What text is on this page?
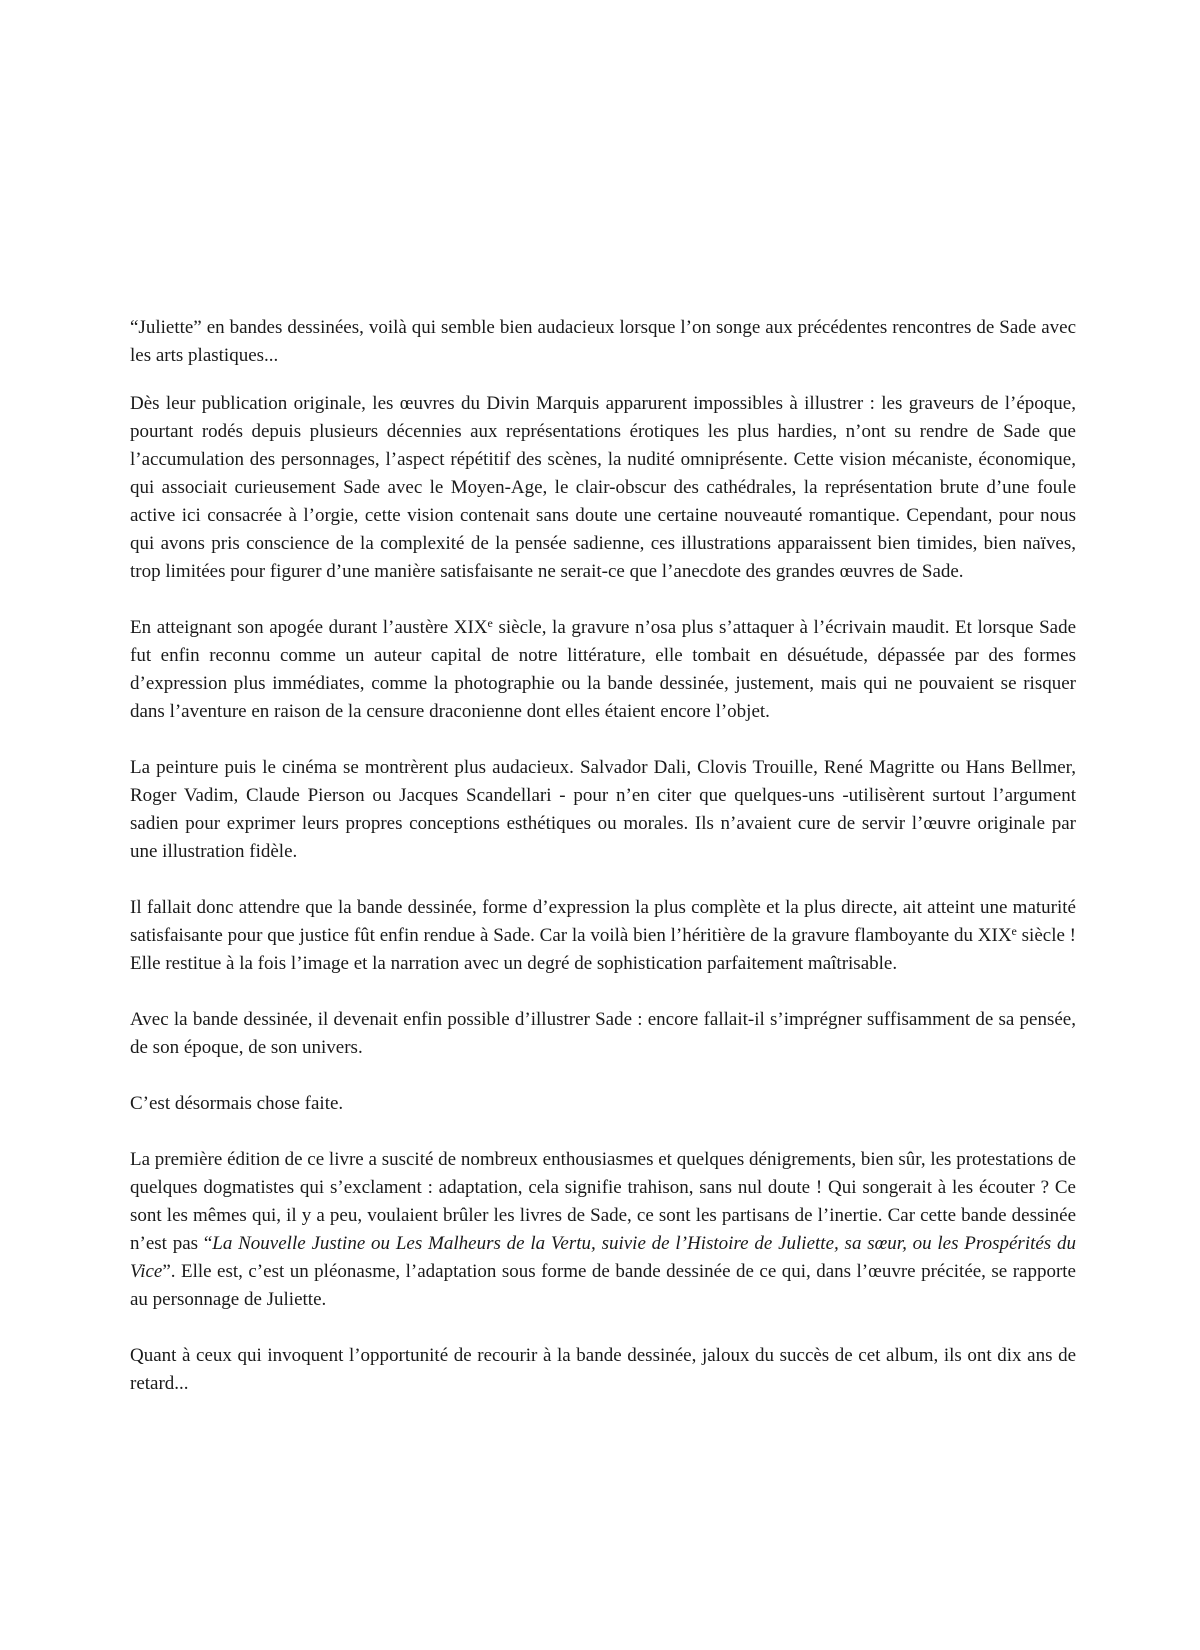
“Juliette” en bandes dessinées, voilà qui semble bien audacieux lorsque l’on songe aux précédentes rencontres de Sade avec les arts plastiques...

Dès leur publication originale, les œuvres du Divin Marquis apparurent impossibles à illustrer : les graveurs de l’époque, pourtant rodés depuis plusieurs décennies aux représentations érotiques les plus hardies, n’ont su rendre de Sade que l’accumulation des personnages, l’aspect répétitif des scènes, la nudité omniprésente. Cette vision mécaniste, économique, qui associait curieusement Sade avec le Moyen-Age, le clair-obscur des cathédrales, la représentation brute d’une foule active ici consacrée à l’orgie, cette vision contenait sans doute une certaine nouveauté romantique. Cependant, pour nous qui avons pris conscience de la complexité de la pensée sadienne, ces illustrations apparaissent bien timides, bien naïves, trop limitées pour figurer d’une manière satisfaisante ne serait-ce que l’anecdote des grandes œuvres de Sade.

En atteignant son apogée durant l’austère XIXe siècle, la gravure n’osa plus s’attaquer à l’écrivain maudit. Et lorsque Sade fut enfin reconnu comme un auteur capital de notre littérature, elle tombait en désuétude, dépassée par des formes d’expression plus immédiates, comme la photographie ou la bande dessinée, justement, mais qui ne pouvaient se risquer dans l’aventure en raison de la censure draconienne dont elles étaient encore l’objet.

La peinture puis le cinéma se montrèrent plus audacieux. Salvador Dali, Clovis Trouille, René Magritte ou Hans Bellmer, Roger Vadim, Claude Pierson ou Jacques Scandellari - pour n’en citer que quelques-uns -utilisèrent surtout l’argument sadien pour exprimer leurs propres conceptions esthétiques ou morales. Ils n’avaient cure de servir l’œuvre originale par une illustration fidèle.

Il fallait donc attendre que la bande dessinée, forme d’expression la plus complète et la plus directe, ait atteint une maturité satisfaisante pour que justice fût enfin rendue à Sade. Car la voilà bien l’héritière de la gravure flamboyante du XIXe siècle ! Elle restitue à la fois l’image et la narration avec un degré de sophistication parfaitement maîtrisable.

Avec la bande dessinée, il devenait enfin possible d’illustrer Sade : encore fallait-il s’imprégner suffisamment de sa pensée, de son époque, de son univers.

C’est désormais chose faite.

La première édition de ce livre a suscité de nombreux enthousiasmes et quelques dénigrements, bien sûr, les protestations de quelques dogmatistes qui s’exclament : adaptation, cela signifie trahison, sans nul doute ! Qui songerait à les écouter ? Ce sont les mêmes qui, il y a peu, voulaient brûler les livres de Sade, ce sont les partisans de l’inertie. Car cette bande dessinée n’est pas “La Nouvelle Justine ou Les Malheurs de la Vertu, suivie de l’Histoire de Juliette, sa sœur, ou les Prospérités du Vice”. Elle est, c’est un pléonasme, l’adaptation sous forme de bande dessinée de ce qui, dans l’œuvre précitée, se rapporte au personnage de Juliette.

Quant à ceux qui invoquent l’opportunité de recourir à la bande dessinée, jaloux du succès de cet album, ils ont dix ans de retard...
